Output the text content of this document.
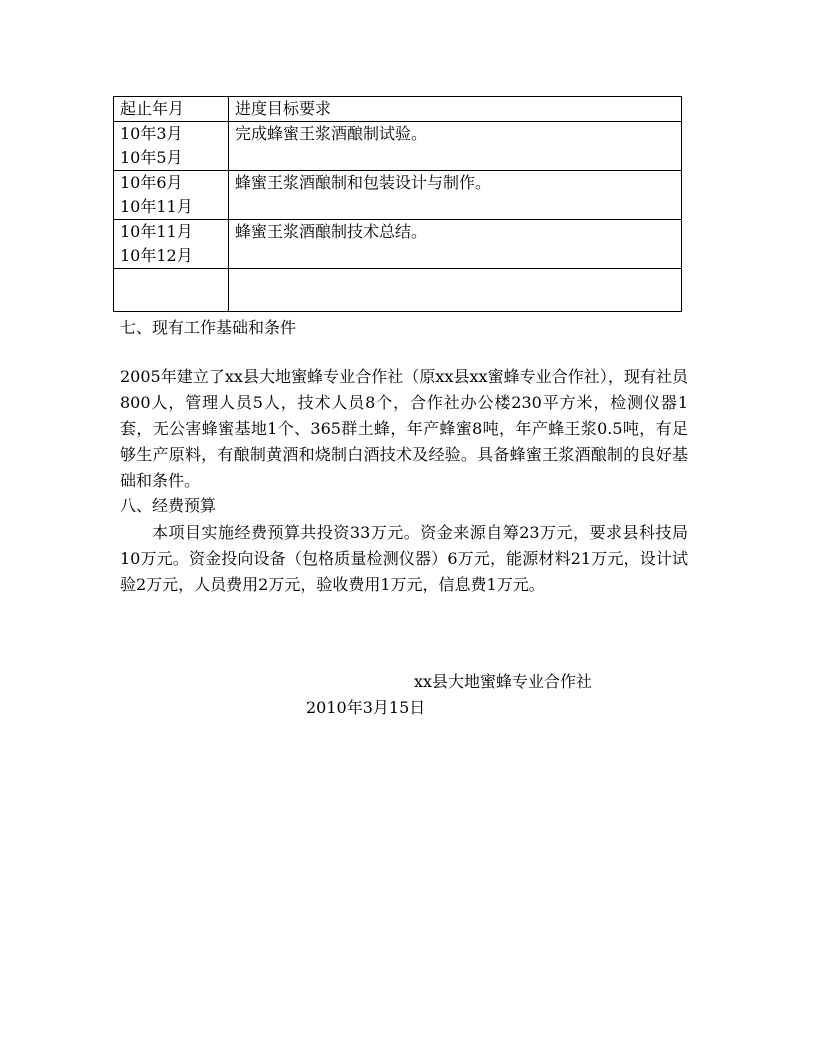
起止年月	进度目标要求

10年3月
10年5月	完成蜂蜜王浆酒酿制试验。

10年6月
10年11月	蜂蜜王浆酒酿制和包装设计与制作。

10年11月
10年12月	蜂蜜王浆酒酿制技术总结。

七、现有工作基础和条件

2005年建立了xx县大地蜜蜂专业合作社（原xx县xx蜜蜂专业合作社），现有社员800人，管理人员5人，技术人员8个，合作社办公楼230平方米，检测仪器1套，无公害蜂蜜基地1个、365群土蜂，年产蜂蜜8吨，年产蜂王浆0.5吨，有足够生产原料，有酿制黄酒和烧制白酒技术及经验。具备蜂蜜王浆酒酿制的良好基础和条件。

八、经费预算

本项目实施经费预算共投资33万元。资金来源自筹23万元，要求县科技局10万元。资金投向设备（包格质量检测仪器）6万元，能源材料21万元，设计试验2万元，人员费用2万元，验收费用1万元，信息费1万元。

xx县大地蜜蜂专业合作社
2010年3月15日
